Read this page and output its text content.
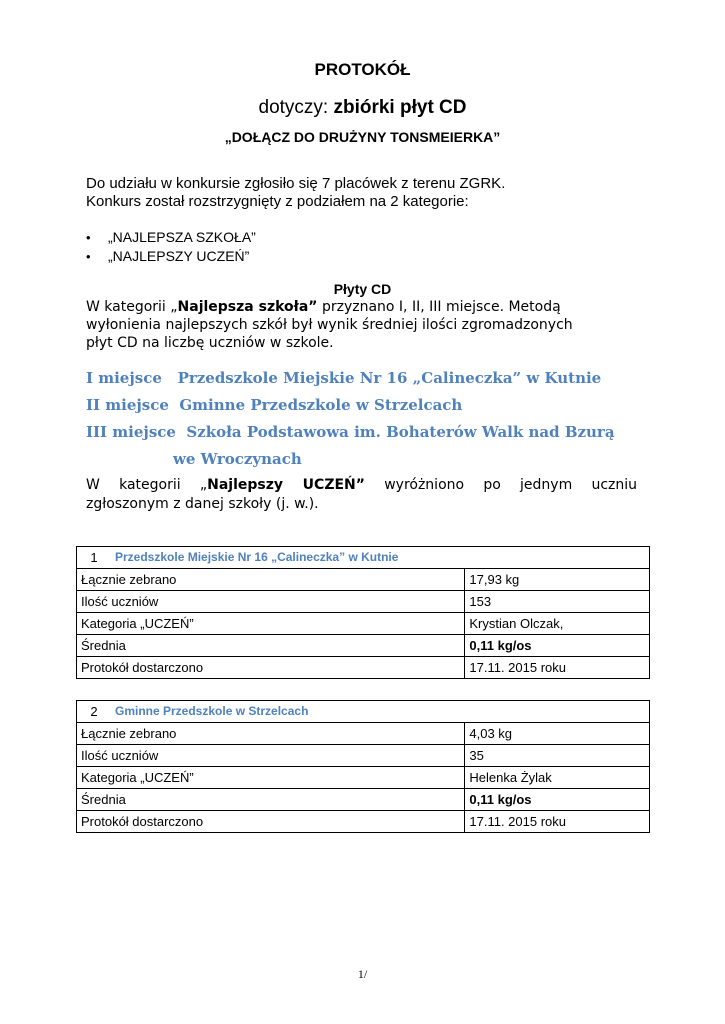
PROTOKÓŁ
dotyczy: zbiórki płyt CD
„DOŁĄCZ DO DRUŻYNY TONSMEIERKA”
Do udziału w konkursie zgłosiło się 7 placówek z terenu ZGRK.
Konkurs został rozstrzygnięty z podziałem na 2 kategorie:
• „NAJLEPSZA SZKOŁA”
• „NAJLEPSZY UCZEŃ”
Płyty CD
W kategorii „Najlepsza szkoła” przyznano I, II, III miejsce. Metodą
wyłonienia najlepszych szkół był wynik średniej ilości zgromadzonych
płyt CD na liczbę uczniów w szkole.
I miejsce Przedszkole Miejskie Nr 16 „Calineczka” w Kutnie
II miejsce Gminne Przedszkole w Strzelcach
III miejsce Szkoła Podstawowa im. Bohaterów Walk nad Bzurą
we Wroczynach
W kategorii „Najlepszy UCZEŃ” wyróżniono po jednym uczniu
zgłoszonym z danej szkoły (j. w.).
1	Przedszkole Miejskie Nr 16 „Calineczka” w Kutnie	
Łącznie zebrano		17,93 kg
Ilość uczniów		153
Kategoria „UCZEŃ”		Krystian Olczak,
Średnia		0,11 kg/os
Protokół dostarczono		17.11. 2015 roku
2	Gminne Przedszkole w Strzelcach	
Łącznie zebrano		4,03 kg
Ilość uczniów		35
Kategoria „UCZEŃ”		Helenka Żylak
Średnia		0,11 kg/os
Protokół dostarczono		17.11. 2015 roku
1/
